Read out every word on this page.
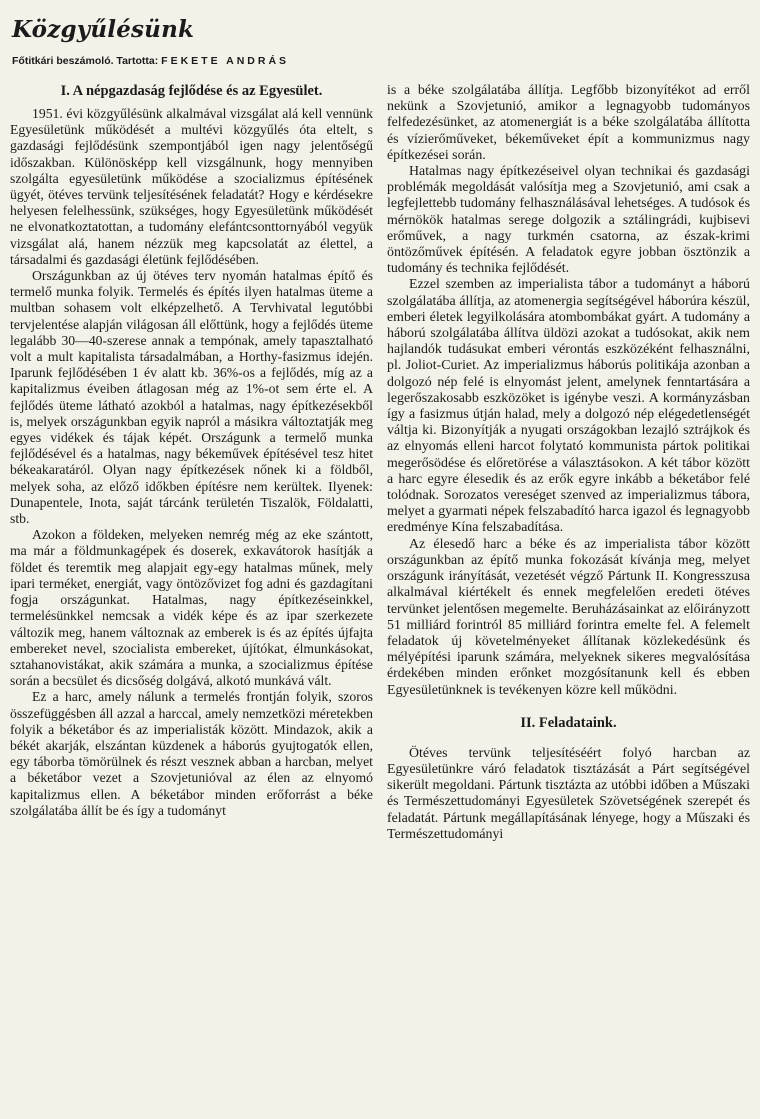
Közgyűlésünk
Főtitkári beszámoló. Tartotta: FEKETE ANDRÁS
I. A népgazdaság fejlődése és az Egyesület.

1951. évi közgyűlésünk alkalmával vizsgálat alá kell vennünk Egyesületünk működését a multévi közgyűlés óta eltelt, s gazdasági fejlődésünk szempontjából igen nagy jelentőségű időszakban. Különösképp kell vizsgálnunk, hogy mennyiben szolgálta egyesületünk működése a szocializmus építésének ügyét, ötéves tervünk teljesítésének feladatát? Hogy e kérdésekre helyesen felelhessünk, szükséges, hogy Egyesületünk működését ne elvonatkoztatottan, a tudomány elefántcsonttornyából vegyük vizsgálat alá, hanem nézzük meg kapcsolatát az élettel, a társadalmi és gazdasági életünk fejlődésében.

Országunkban az új ötéves terv nyomán hatalmas építő és termelő munka folyik. Termelés és építés ilyen hatalmas üteme a multban sohasem volt elképzelhető. A Tervhivatal legutóbbi tervjelentése alapján világosan áll előttünk, hogy a fejlődés üteme legalább 30—40-szerese annak a tempónak, amely tapasztalható volt a mult kapitalista társadalmában, a Horthy-fasizmus idején. Iparunk fejlődésében 1 év alatt kb. 36%-os a fejlődés, míg az a kapitalizmus éveiben átlagosan még az 1%-ot sem érte el. A fejlődés üteme látható azokból a hatalmas, nagy építkezésekből is, melyek országunkban egyik napról a másikra változtatják meg egyes vidékek és tájak képét. Országunk a termelő munka fejlődésével és a hatalmas, nagy békeművek építésével tesz hitet békeakaratáról. Olyan nagy építkezések nőnek ki a földből, melyek soha, az előző időkben építésre nem kerültek. Ilyenek: Dunapentele, Inota, saját tárcánk területén Tiszalök, Földalatti, stb.

Azokon a földeken, melyeken nemrég még az eke szántott, ma már a földmunkagépek és doserek, exkavátorok hasítják a földet és teremtik meg alapjait egy-egy hatalmas műnek, mely ipari terméket, energiát, vagy öntözővizet fog adni és gazdagítani fogja országunkat. Hatalmas, nagy építkezéseinkkel, termelésünkkel nemcsak a vidék képe és az ipar szerkezete változik meg, hanem változnak az emberek is és az építés újfajta embereket nevel, szocialista embereket, újítókat, élmunkásokat, sztahanovistákat, akik számára a munka, a szocializmus építése során a becsület és dicsőség dolgává, alkotó munkává vált.

Ez a harc, amely nálunk a termelés frontján folyik, szoros összefüggésben áll azzal a harccal, amely nemzetközi méretekben folyik a béketábor és az imperialisták között. Mindazok, akik a békét akarják, elszántan küzdenek a háborús gyujtogatók ellen, egy táborba tömörülnek és részt vesznek abban a harcban, melyet a béketábor vezet a Szovjetunióval az élen az elnyomó kapitalizmus ellen. A béketábor minden erőforrást a béke szolgálatába állít be és így a tudományt

is a béke szolgálatába állítja. Legfőbb bizonyítékot ad erről nekünk a Szovjetunió, amikor a legnagyobb tudományos felfedezésünket, az atomenergiát is a béke szolgálatába állította és vízierőműveket, békeműveket épít a kommunizmus nagy építkezései során.

Hatalmas nagy építkezéseivel olyan technikai és gazdasági problémák megoldását valósítja meg a Szovjetunió, ami csak a legfejlettebb tudomány felhasználásával lehetséges. A tudósok és mérnökök hatalmas serege dolgozik a sztálingrádi, kujbisevi erőművek, a nagy turkmén csatorna, az észak-krimi öntözőművek építésén. A feladatok egyre jobban ösztönzik a tudomány és technika fejlődését.

Ezzel szemben az imperialista tábor a tudományt a háború szolgálatába állítja, az atomenergia segítségével háborúra készül, emberi életek legyilkolására atombombákat gyárt. A tudomány a háború szolgálatába állítva üldözi azokat a tudósokat, akik nem hajlandók tudásukat emberi vérontás eszközéként felhasználni, pl. Joliot-Curiet. Az imperializmus háborús politikája azonban a dolgozó nép felé is elnyomást jelent, amelynek fenntartására a legerőszakosabb eszközöket is igénybe veszi. A kormányzásban így a fasizmus útján halad, mely a dolgozó nép elégedetlenségét váltja ki. Bizonyítják a nyugati országokban lezajló sztrájkok és az elnyomás elleni harcot folytató kommunista pártok politikai megerősödése és előretörése a választásokon. A két tábor között a harc egyre élesedik és az erők egyre inkább a béketábor felé tolódnak. Sorozatos vereséget szenved az imperializmus tábora, melyet a gyarmati népek felszabadító harca igazol és legnagyobb eredménye Kína felszabadítása.

Az élesedő harc a béke és az imperialista tábor között országunkban az építő munka fokozását kívánja meg, melyet országunk irányítását, vezetését végző Pártunk II. Kongresszusa alkalmával kiértékelt és ennek megfelelően eredeti ötéves tervünket jelentősen megemelte. Beruházásainkat az előirányzott 51 milliárd forintról 85 milliárd forintra emelte fel. A felemelt feladatok új követelményeket állítanak közlekedésünk és mélyépítési iparunk számára, melyeknek sikeres megvalósítása érdekében minden erőnket mozgósítanunk kell és ebben Egyesületünknek is tevékenyen közre kell működni.

II. Feladataink.

Ötéves tervünk teljesítéséért folyó harcban az Egyesületünkre váró feladatok tisztázását a Párt segítségével sikerült megoldani. Pártunk tisztázta az utóbbi időben a Műszaki és Természettudományi Egyesületek Szövetségének szerepét és feladatát. Pártunk megállapításának lényege, hogy a Műszaki és Természettudományi
